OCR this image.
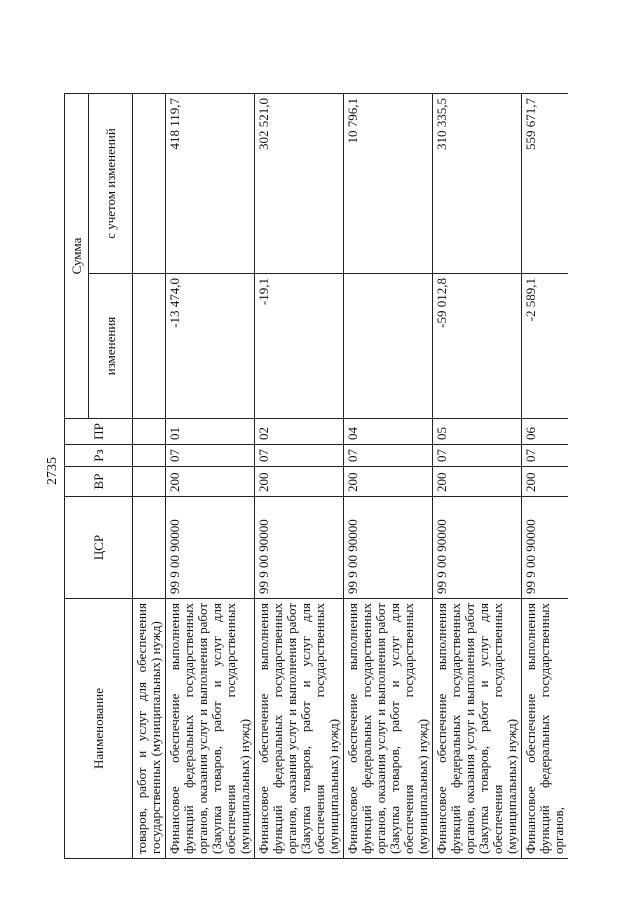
2735
Наименование	ЦСР	ВР	Рз	ПР	Сумма	
					изменения	с учетом изменений
товаров, работ и услуг для обеспечения государственных (муниципальных) нужд)						
Финансовое обеспечение выполнения функций федеральных государственных органов, оказания услуг и выполнения работ (Закупка товаров, работ и услуг для обеспечения государственных (муниципальных) нужд)	99 9 00 90000	200	07	01	-13 474,0	418 119,7
Финансовое обеспечение выполнения функций федеральных государственных органов, оказания услуг и выполнения работ (Закупка товаров, работ и услуг для обеспечения государственных (муниципальных) нужд)	99 9 00 90000	200	07	02	-19,1	302 521,0
Финансовое обеспечение выполнения функций федеральных государственных органов, оказания услуг и выполнения работ (Закупка товаров, работ и услуг для обеспечения государственных (муниципальных) нужд)	99 9 00 90000	200	07	04		10 796,1
Финансовое обеспечение выполнения функций федеральных государственных органов, оказания услуг и выполнения работ (Закупка товаров, работ и услуг для обеспечения государственных (муниципальных) нужд)	99 9 00 90000	200	07	05	-59 012,8	310 335,5
Финансовое обеспечение выполнения функций федеральных государственных органов,	99 9 00 90000	200	07	06	-2 589,1	559 671,7
